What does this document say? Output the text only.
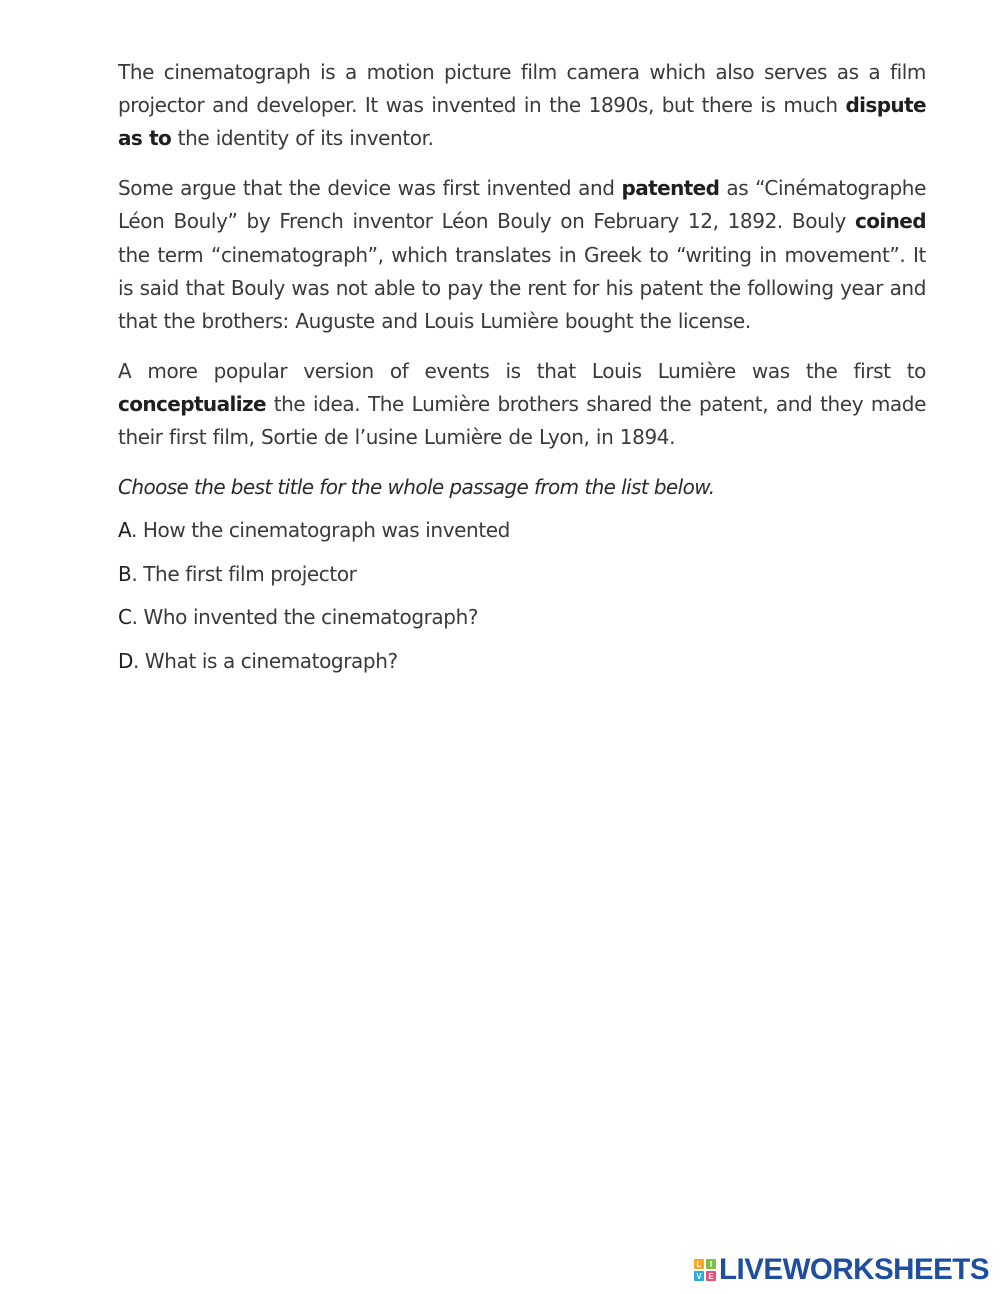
The cinematograph is a motion picture film camera which also serves as a film projector and developer. It was invented in the 1890s, but there is much dispute as to the identity of its inventor.

Some argue that the device was first invented and patented as “Cinématographe Léon Bouly” by French inventor Léon Bouly on February 12, 1892. Bouly coined the term “cinematograph”, which translates in Greek to “writing in movement”. It is said that Bouly was not able to pay the rent for his patent the following year and that the brothers: Auguste and Louis Lumière bought the license.

A more popular version of events is that Louis Lumière was the first to conceptualize the idea. The Lumière brothers shared the patent, and they made their first film, Sortie de l’usine Lumière de Lyon, in 1894.

Choose the best title for the whole passage from the list below.

A. How the cinematograph was invented
B. The first film projector
C. Who invented the cinematograph?
D. What is a cinematograph?
L I
V E LIVEWORKSHEETS
